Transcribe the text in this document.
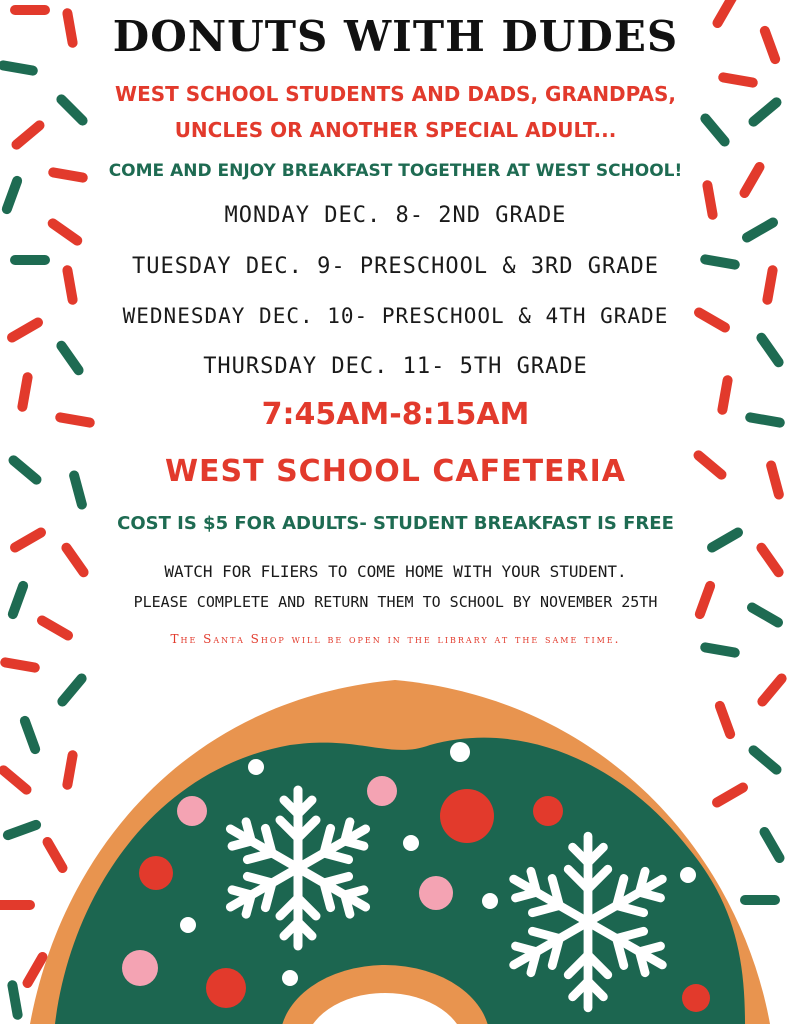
DONUTS WITH DUDES

WEST SCHOOL STUDENTS AND DADS, GRANDPAS,

UNCLES OR ANOTHER SPECIAL ADULT...

COME AND ENJOY BREAKFAST TOGETHER AT WEST SCHOOL!

MONDAY DEC. 8- 2ND GRADE

TUESDAY DEC. 9- PRESCHOOL & 3RD GRADE

WEDNESDAY DEC. 10- PRESCHOOL & 4TH GRADE

THURSDAY DEC. 11- 5TH GRADE

7:45AM-8:15AM

WEST SCHOOL CAFETERIA

COST IS $5 FOR ADULTS- STUDENT BREAKFAST IS FREE

WATCH FOR FLIERS TO COME HOME WITH YOUR STUDENT.

PLEASE COMPLETE AND RETURN THEM TO SCHOOL BY NOVEMBER 25TH

The Santa Shop will be open in the library at the same time.
